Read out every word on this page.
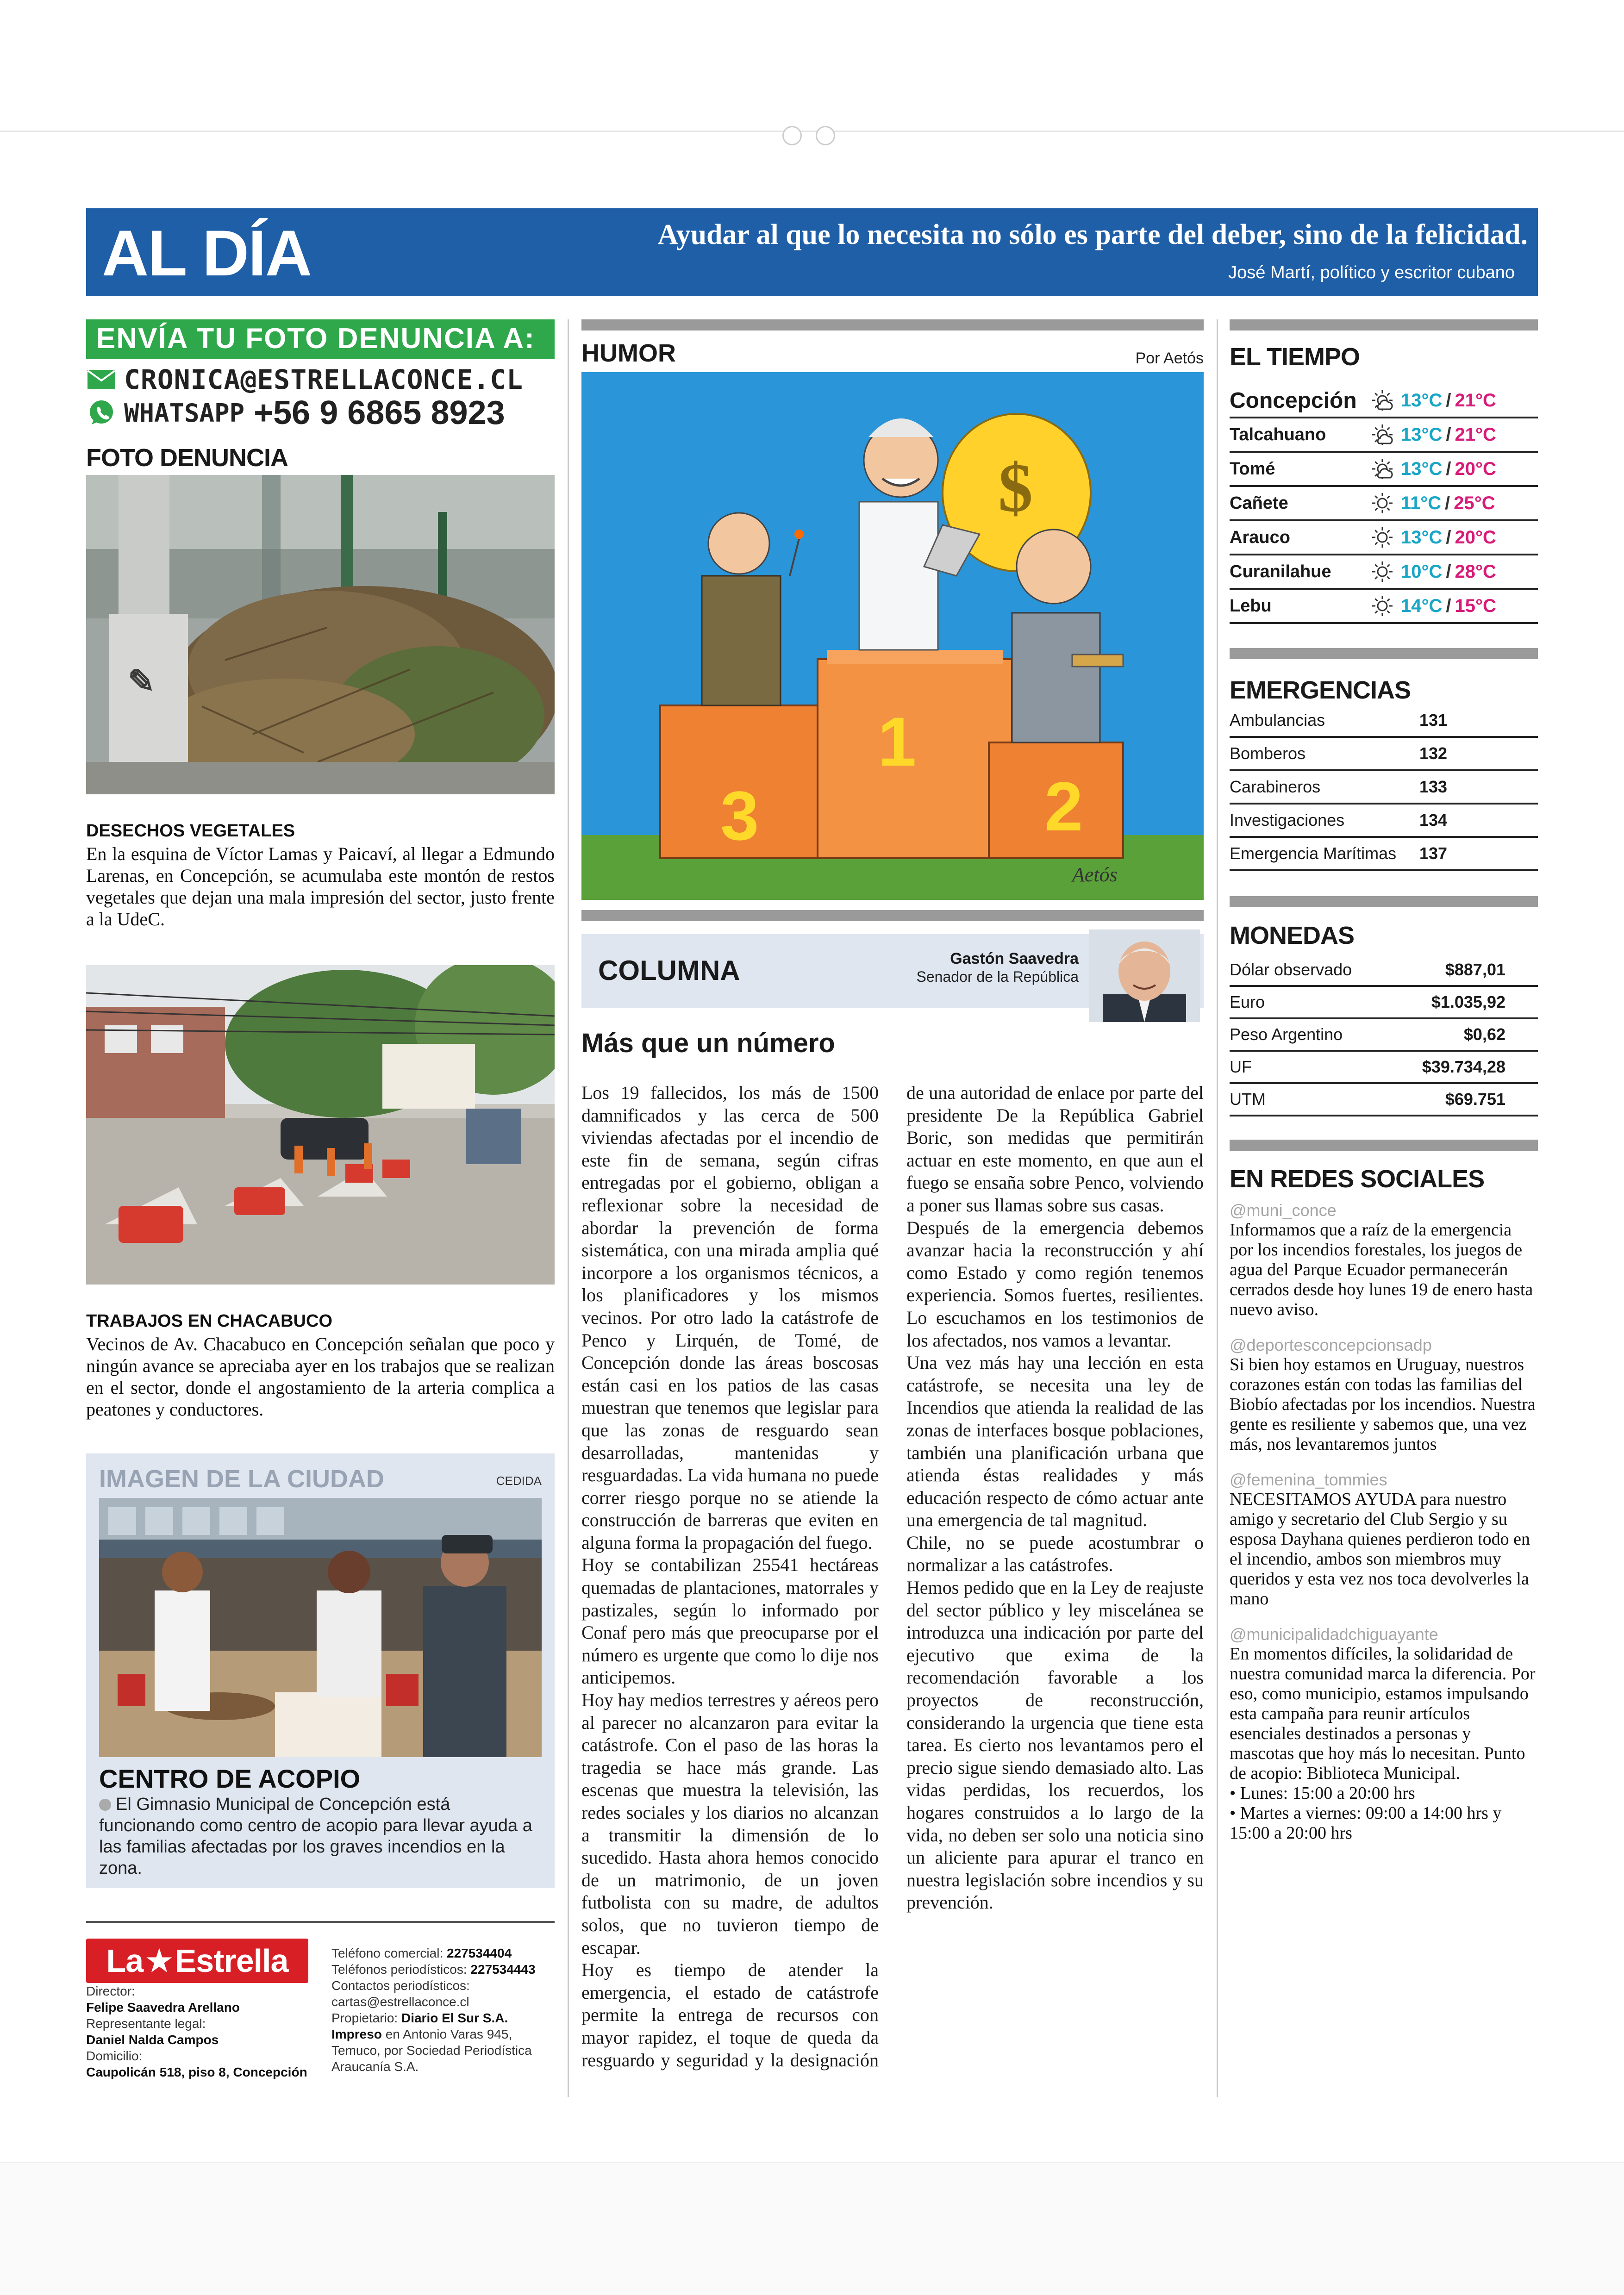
AL DÍA	Ayudar al que lo necesita no sólo es parte del deber, sino de la felicidad.
José Martí, político y escritor cubano
ENVÍA TU FOTO DENUNCIA A:
CRONICA@ESTRELLACONCE.CL
WHATSAPP +56 9 6865 8923
FOTO DENUNCIA
✎
DESECHOS VEGETALES
En la esquina de Víctor Lamas y Paicaví, al llegar a Edmundo Larenas, en Concepción, se acumulaba este montón de restos vegetales que dejan una mala impresión del sector, justo frente a la UdeC.
TRABAJOS EN CHACABUCO
Vecinos de Av. Chacabuco en Concepción señalan que poco y ningún avance se apreciaba ayer en los trabajos que se realizan en el sector, donde el angostamiento de la arteria complica a peatones y conductores.
IMAGEN DE LA CIUDAD	CEDIDA
CENTRO DE ACOPIO
El Gimnasio Municipal de Concepción está funcionando como centro de acopio para llevar ayuda a las familias afectadas por los graves incendios en la zona.
La ★ Estrella
Director:
Felipe Saavedra Arellano
Representante legal:
Daniel Nalda Campos
Domicilio:
Caupolicán 518, piso 8, Concepción
Teléfono comercial: 227534404
Teléfonos periodísticos: 227534443
Contactos periodísticos:
cartas@estrellaconce.cl
Propietario: Diario El Sur S.A.
Impreso en Antonio Varas 945, Temuco, por Sociedad Periodística Araucanía S.A.
HUMOR	Por Aetós
1
2
3
$
Aetós
COLUMNA	Gastón Saavedra
Senador de la República
Más que un número

Los 19 fallecidos, los más de 1500 damnificados y las cerca de 500 viviendas afectadas por el incendio de este fin de semana, según cifras entregadas por el gobierno, obligan a reflexionar sobre la necesidad de abordar la prevención de forma sistemática, con una mirada amplia qué incorpore a los organismos técnicos, a los planificadores y los mismos vecinos. Por otro lado la catástrofe de Penco y Lirquén, de Tomé, de Concepción donde las áreas boscosas están casi en los patios de las casas muestran que tenemos que legislar para que las zonas de resguardo sean desarrolladas, mantenidas y resguardadas. La vida humana no puede correr riesgo porque no se atiende la construcción de barreras que eviten en alguna forma la propagación del fuego.

Hoy se contabilizan 25541 hectáreas quemadas de plantaciones, matorrales y pastizales, según lo informado por Conaf pero más que preocuparse por el número es urgente que como lo dije nos anticipemos.

Hoy hay medios terrestres y aéreos pero al parecer no alcanzaron para evitar la catástrofe. Con el paso de las horas la tragedia se hace más grande. Las escenas que muestra la televisión, las redes sociales y los diarios no alcanzan a transmitir la dimensión de lo sucedido. Hasta ahora hemos conocido de un matrimonio, de un joven futbolista con su madre, de adultos solos, que no tuvieron tiempo de escapar.

Hoy es tiempo de atender la emergencia, el estado de catástrofe permite la entrega de recursos con mayor rapidez, el toque de queda da resguardo y seguridad y la designación de una autoridad de enlace por parte del presidente De la República Gabriel Boric, son medidas que permitirán actuar en este momento, en que aun el fuego se ensaña sobre Penco, volviendo a poner sus llamas sobre sus casas.

Después de la emergencia debemos avanzar hacia la reconstrucción y ahí como Estado y como región tenemos experiencia. Somos fuertes, resilientes. Lo escuchamos en los testimonios de los afectados, nos vamos a levantar.

Una vez más hay una lección en esta catástrofe, se necesita una ley de Incendios que atienda la realidad de las zonas de interfaces bosque poblaciones, también una planificación urbana que atienda éstas realidades y más educación respecto de cómo actuar ante una emergencia de tal magnitud.

Chile, no se puede acostumbrar o normalizar a las catástrofes.

Hemos pedido que en la Ley de reajuste del sector público y ley miscelánea se introduzca una indicación por parte del ejecutivo que exima de la recomendación favorable a los proyectos de reconstrucción, considerando la urgencia que tiene esta tarea. Es cierto nos levantamos pero el precio sigue siendo demasiado alto. Las vidas perdidas, los recuerdos, los hogares construidos a lo largo de la vida, no deben ser solo una noticia sino un aliciente para apurar el tranco en nuestra legislación sobre incendios y su prevención.

EL TIEMPO
Concepción	13°C / 21°C
Talcahuano	13°C / 21°C
Tomé	13°C / 20°C
Cañete	11°C / 25°C
Arauco	13°C / 20°C
Curanilahue	10°C / 28°C
Lebu	14°C / 15°C
EMERGENCIAS
Ambulancias	131
Bomberos	132
Carabineros	133
Investigaciones	134
Emergencia Marítimas	137
MONEDAS
Dólar observado	$887,01
Euro	$1.035,92
Peso Argentino	$0,62
UF	$39.734,28
UTM	$69.751
EN REDES SOCIALES
@muni_conce
Informamos que a raíz de la emergencia por los incendios forestales, los juegos de agua del Parque Ecuador permanecerán cerrados desde hoy lunes 19 de enero hasta nuevo aviso.
@deportesconcepcionsadp
Si bien hoy estamos en Uruguay, nuestros corazones están con todas las familias del Biobío afectadas por los incendios. Nuestra gente es resiliente y sabemos que, una vez más, nos levantaremos juntos
@femenina_tommies
NECESITAMOS AYUDA para nuestro amigo y secretario del Club Sergio y su esposa Dayhana quienes perdieron todo en el incendio, ambos son miembros muy queridos y esta vez nos toca devolverles la mano
@municipalidadchiguayante
En momentos difíciles, la solidaridad de nuestra comunidad marca la diferencia. Por eso, como municipio, estamos impulsando esta campaña para reunir artículos esenciales destinados a personas y mascotas que hoy más lo necesitan. Punto de acopio: Biblioteca Municipal.
• Lunes: 15:00 a 20:00 hrs
• Martes a viernes: 09:00 a 14:00 hrs y 15:00 a 20:00 hrs
